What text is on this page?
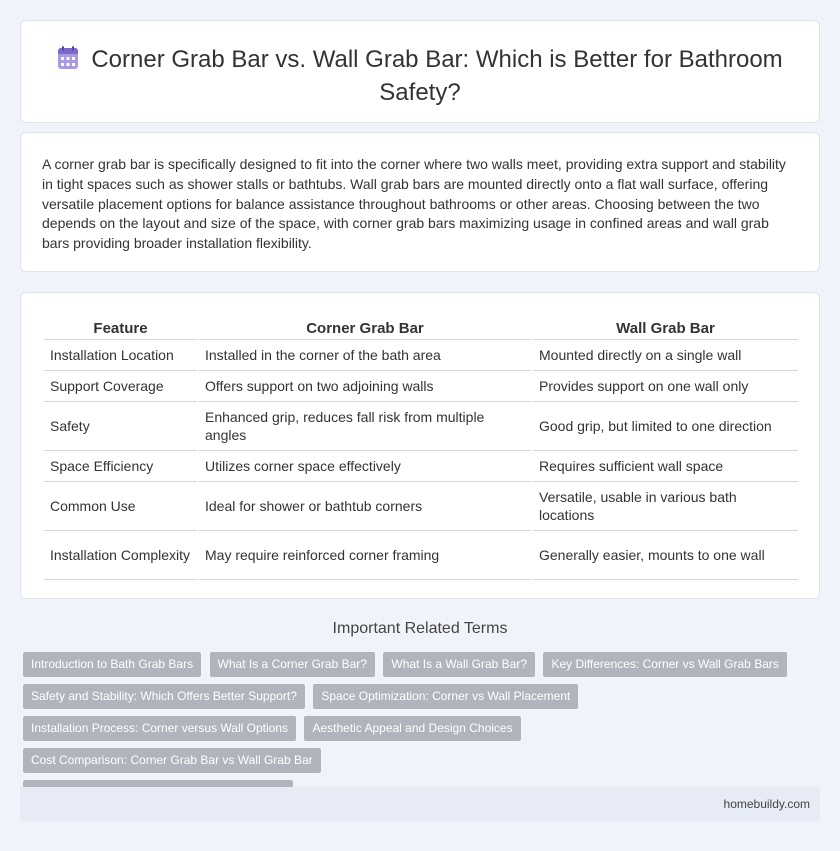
Corner Grab Bar vs. Wall Grab Bar: Which is Better for Bathroom Safety?

A corner grab bar is specifically designed to fit into the corner where two walls meet, providing extra support and stability in tight spaces such as shower stalls or bathtubs. Wall grab bars are mounted directly onto a flat wall surface, offering versatile placement options for balance assistance throughout bathrooms or other areas. Choosing between the two depends on the layout and size of the space, with corner grab bars maximizing usage in confined areas and wall grab bars providing broader installation flexibility.

Feature	Corner Grab Bar	Wall Grab Bar
Installation Location	Installed in the corner of the bath area	Mounted directly on a single wall
Support Coverage	Offers support on two adjoining walls	Provides support on one wall only
Safety	Enhanced grip, reduces fall risk from multiple angles	Good grip, but limited to one direction
Space Efficiency	Utilizes corner space effectively	Requires sufficient wall space
Common Use	Ideal for shower or bathtub corners	Versatile, usable in various bath locations
Installation Complexity	May require reinforced corner framing	Generally easier, mounts to one wall
Important Related Terms
Introduction to Bath Grab Bars What Is a Corner Grab Bar? What Is a Wall Grab Bar? Key Differences: Corner vs Wall Grab Bars
Safety and Stability: Which Offers Better Support? Space Optimization: Corner vs Wall Placement
Installation Process: Corner versus Wall Options Aesthetic Appeal and Design Choices Cost Comparison: Corner Grab Bar vs Wall Grab Bar

homebuildy.com
